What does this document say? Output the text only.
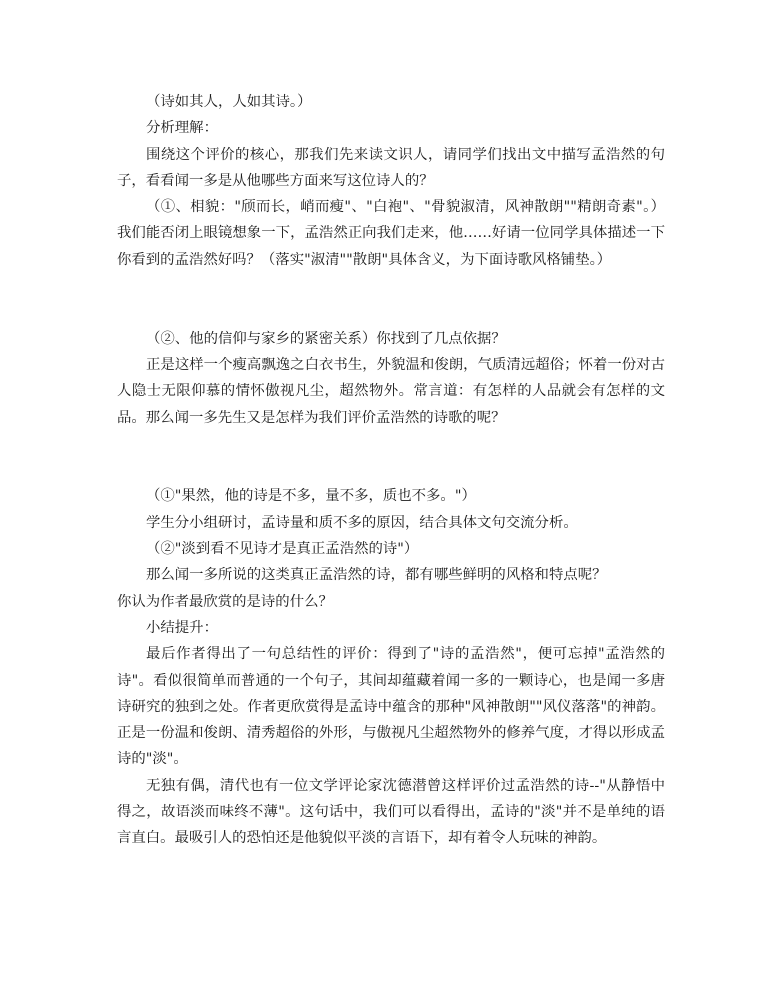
（诗如其人，人如其诗。）

分析理解：

围绕这个评价的核心，那我们先来读文识人，请同学们找出文中描写孟浩然的句子，看看闻一多是从他哪些方面来写这位诗人的？

（①、相貌："颀而长，峭而瘦"、"白袍"、"骨貌淑清，风神散朗""精朗奇素"。）我们能否闭上眼镜想象一下，孟浩然正向我们走来，他……好请一位同学具体描述一下你看到的孟浩然好吗？（落实"淑清""散朗"具体含义，为下面诗歌风格铺垫。）

（②、他的信仰与家乡的紧密关系）你找到了几点依据？

正是这样一个瘦高飘逸之白衣书生，外貌温和俊朗，气质清远超俗；怀着一份对古人隐士无限仰慕的情怀傲视凡尘，超然物外。常言道：有怎样的人品就会有怎样的文品。那么闻一多先生又是怎样为我们评价孟浩然的诗歌的呢？

（①"果然，他的诗是不多，量不多，质也不多。"）

学生分小组研讨，孟诗量和质不多的原因，结合具体文句交流分析。

（②"淡到看不见诗才是真正孟浩然的诗"）

那么闻一多所说的这类真正孟浩然的诗，都有哪些鲜明的风格和特点呢？

你认为作者最欣赏的是诗的什么？

小结提升：

最后作者得出了一句总结性的评价：得到了"诗的孟浩然"，便可忘掉"孟浩然的诗"。看似很简单而普通的一个句子，其间却蕴藏着闻一多的一颗诗心，也是闻一多唐诗研究的独到之处。作者更欣赏得是孟诗中蕴含的那种"风神散朗""风仪落落"的神韵。正是一份温和俊朗、清秀超俗的外形，与傲视凡尘超然物外的修养气度，才得以形成孟诗的"淡"。

无独有偶，清代也有一位文学评论家沈德潜曾这样评价过孟浩然的诗--"从静悟中得之，故语淡而味终不薄"。这句话中，我们可以看得出，孟诗的"淡"并不是单纯的语言直白。最吸引人的恐怕还是他貌似平淡的言语下，却有着令人玩味的神韵。
